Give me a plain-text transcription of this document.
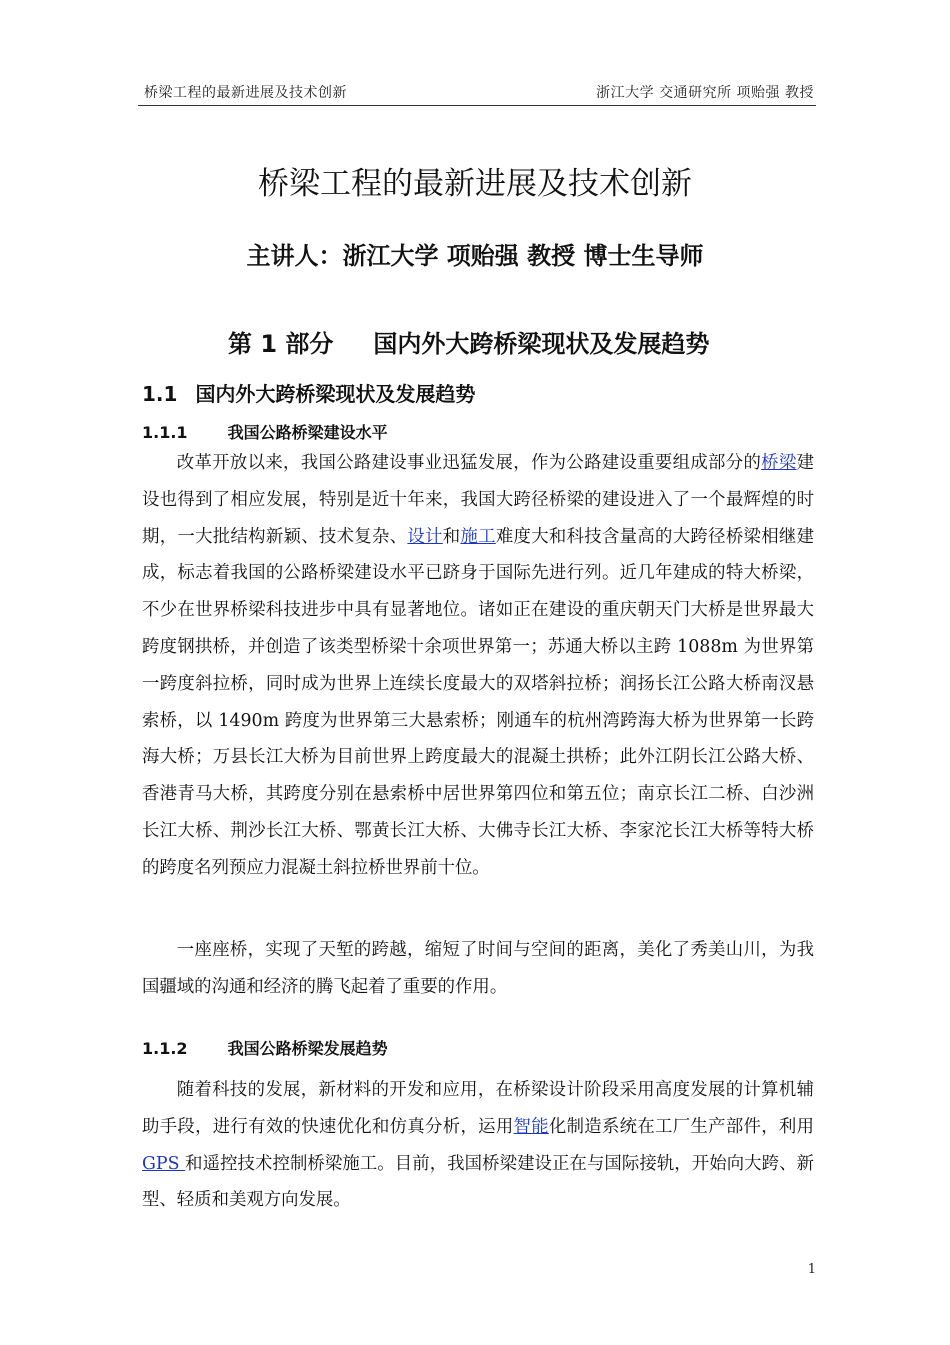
桥梁工程的最新进展及技术创新	浙江大学 交通研究所 项贻强 教授
桥梁工程的最新进展及技术创新
主讲人：浙江大学 项贻强 教授 博士生导师
第 1 部分 国内外大跨桥梁现状及发展趋势
1.1 国内外大跨桥梁现状及发展趋势
1.1.1	我国公路桥梁建设水平
改革开放以来，我国公路建设事业迅猛发展，作为公路建设重要组成部分的桥梁建设也得到了相应发展，特别是近十年来，我国大跨径桥梁的建设进入了一个最辉煌的时期，一大批结构新颖、技术复杂、设计和施工难度大和科技含量高的大跨径桥梁相继建成，标志着我国的公路桥梁建设水平已跻身于国际先进行列。近几年建成的特大桥梁，不少在世界桥梁科技进步中具有显著地位。诸如正在建设的重庆朝天门大桥是世界最大跨度钢拱桥，并创造了该类型桥梁十余项世界第一；苏通大桥以主跨 1088m 为世界第一跨度斜拉桥，同时成为世界上连续长度最大的双塔斜拉桥；润扬长江公路大桥南汊悬索桥，以 1490m 跨度为世界第三大悬索桥；刚通车的杭州湾跨海大桥为世界第一长跨海大桥；万县长江大桥为目前世界上跨度最大的混凝土拱桥；此外江阴长江公路大桥、香港青马大桥，其跨度分别在悬索桥中居世界第四位和第五位；南京长江二桥、白沙洲长江大桥、荆沙长江大桥、鄂黄长江大桥、大佛寺长江大桥、李家沱长江大桥等特大桥的跨度名列预应力混凝土斜拉桥世界前十位。
一座座桥，实现了天堑的跨越，缩短了时间与空间的距离，美化了秀美山川，为我国疆域的沟通和经济的腾飞起着了重要的作用。
1.1.2	我国公路桥梁发展趋势
随着科技的发展，新材料的开发和应用，在桥梁设计阶段采用高度发展的计算机辅助手段，进行有效的快速优化和仿真分析，运用智能化制造系统在工厂生产部件，利用 GPS 和遥控技术控制桥梁施工。目前，我国桥梁建设正在与国际接轨，开始向大跨、新型、轻质和美观方向发展。
1
